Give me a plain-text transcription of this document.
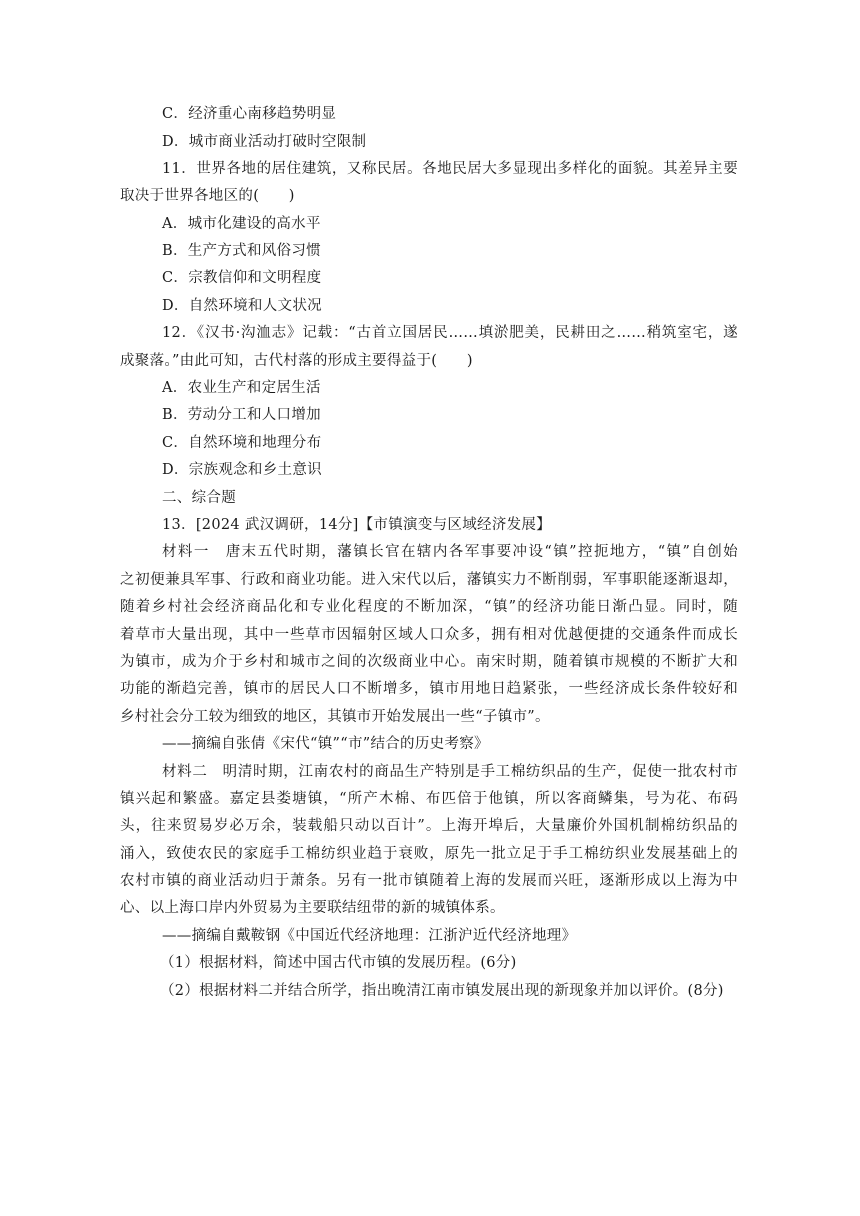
C．经济重心南移趋势明显
D．城市商业活动打破时空限制
11．世界各地的居住建筑，又称民居。各地民居大多显现出多样化的面貌。其差异主要
取决于世界各地区的(　　)
A．城市化建设的高水平
B．生产方式和风俗习惯
C．宗教信仰和文明程度
D．自然环境和人文状况
12．《汉书·沟洫志》记载：“古首立国居民……填淤肥美，民耕田之……稍筑室宅，遂
成聚落。”由此可知，古代村落的形成主要得益于(　　)
A．农业生产和定居生活
B．劳动分工和人口增加
C．自然环境和地理分布
D．宗族观念和乡土意识
二、综合题
13．[2024 武汉调研，14分]【市镇演变与区域经济发展】
材料一　唐末五代时期，藩镇长官在辖内各军事要冲设“镇”控扼地方，“镇”自创始
之初便兼具军事、行政和商业功能。进入宋代以后，藩镇实力不断削弱，军事职能逐渐退却，
随着乡村社会经济商品化和专业化程度的不断加深，“镇”的经济功能日渐凸显。同时，随
着草市大量出现，其中一些草市因辐射区域人口众多，拥有相对优越便捷的交通条件而成长
为镇市，成为介于乡村和城市之间的次级商业中心。南宋时期，随着镇市规模的不断扩大和
功能的渐趋完善，镇市的居民人口不断增多，镇市用地日趋紧张，一些经济成长条件较好和
乡村社会分工较为细致的地区，其镇市开始发展出一些“子镇市”。
——摘编自张倩《宋代“镇”“市”结合的历史考察》
材料二　明清时期，江南农村的商品生产特别是手工棉纺织品的生产，促使一批农村市
镇兴起和繁盛。嘉定县娄塘镇，“所产木棉、布匹倍于他镇，所以客商鳞集，号为花、布码
头，往来贸易岁必万余，装载船只动以百计”。上海开埠后，大量廉价外国机制棉纺织品的
涌入，致使农民的家庭手工棉纺织业趋于衰败，原先一批立足于手工棉纺织业发展基础上的
农村市镇的商业活动归于萧条。另有一批市镇随着上海的发展而兴旺，逐渐形成以上海为中
心、以上海口岸内外贸易为主要联结纽带的新的城镇体系。
——摘编自戴鞍钢《中国近代经济地理：江浙沪近代经济地理》
（1）根据材料，简述中国古代市镇的发展历程。(6分)
（2）根据材料二并结合所学，指出晚清江南市镇发展出现的新现象并加以评价。(8分)
